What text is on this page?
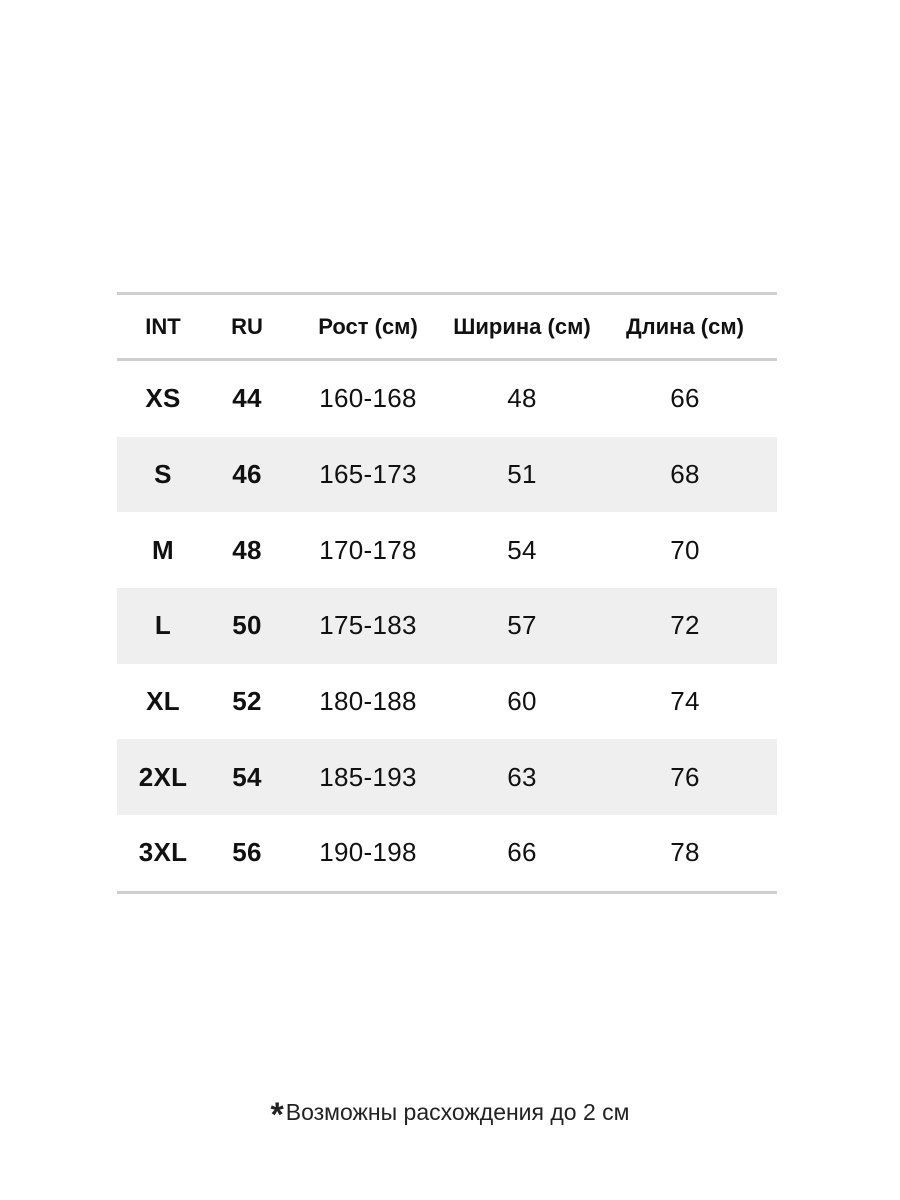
INT	RU	Рост (см)	Ширина (см)	Длина (см)
XS	44	160-168	48	66
S	46	165-173	51	68
M	48	170-178	54	70
L	50	175-183	57	72
XL	52	180-188	60	74
2XL	54	185-193	63	76
3XL	56	190-198	66	78
*Возможны расхождения до 2 см
